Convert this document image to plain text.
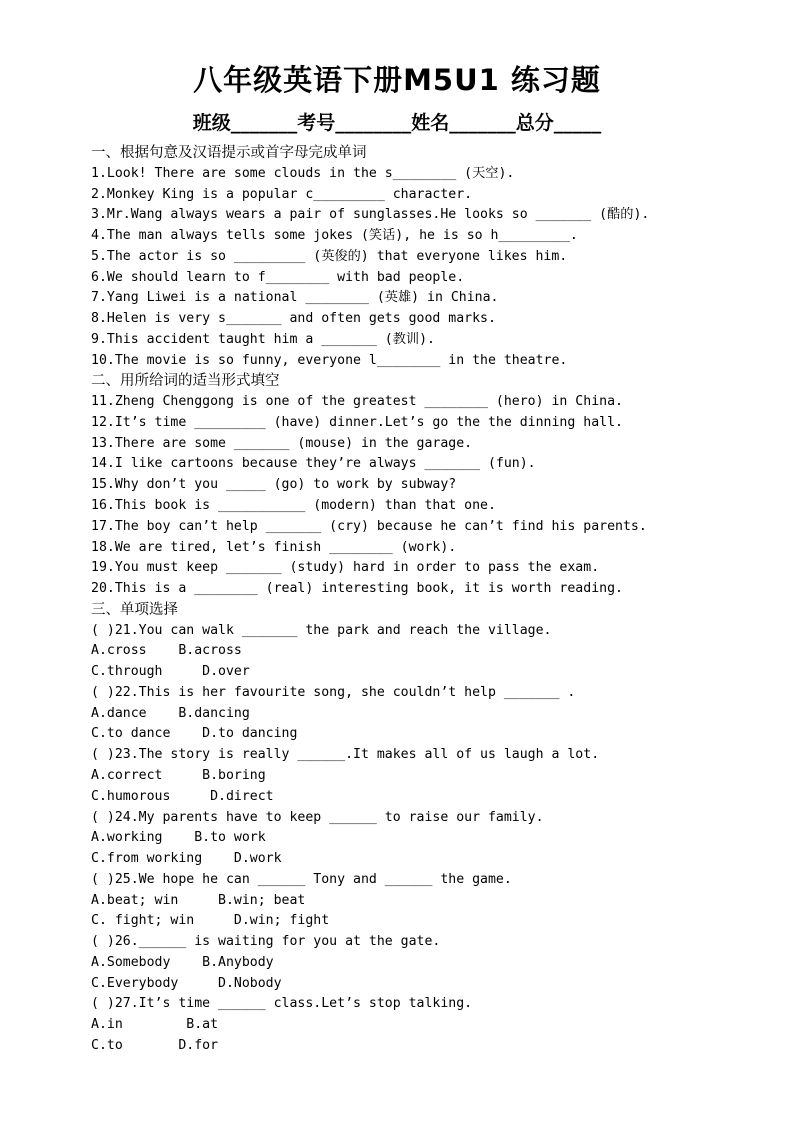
八年级英语下册M5U1 练习题
班级_______考号________姓名_______总分_____
一、根据句意及汉语提示或首字母完成单词
1.Look! There are some clouds in the s________ (天空).
2.Monkey King is a popular c_________ character.
3.Mr.Wang always wears a pair of sunglasses.He looks so _______ (酷的).
4.The man always tells some jokes (笑话), he is so h_________.
5.The actor is so _________ (英俊的) that everyone likes him.
6.We should learn to f________ with bad people.
7.Yang Liwei is a national ________ (英雄) in China.
8.Helen is very s_______ and often gets good marks.
9.This accident taught him a _______ (教训).
10.The movie is so funny, everyone l________ in the theatre.
二、用所给词的适当形式填空
11.Zheng Chenggong is one of the greatest ________ (hero) in China.
12.It’s time _________ (have) dinner.Let’s go the the dinning hall.
13.There are some _______ (mouse) in the garage.
14.I like cartoons because they’re always _______ (fun).
15.Why don’t you _____ (go) to work by subway?
16.This book is ___________ (modern) than that one.
17.The boy can’t help _______ (cry) because he can’t find his parents.
18.We are tired, let’s finish ________ (work).
19.You must keep _______ (study) hard in order to pass the exam.
20.This is a ________ (real) interesting book, it is worth reading.
三、单项选择
( )21.You can walk _______ the park and reach the village.
A.cross    B.across
C.through     D.over
( )22.This is her favourite song, she couldn’t help _______ .
A.dance    B.dancing
C.to dance    D.to dancing
( )23.The story is really ______.It makes all of us laugh a lot.
A.correct     B.boring
C.humorous     D.direct
( )24.My parents have to keep ______ to raise our family.
A.working    B.to work
C.from working    D.work
( )25.We hope he can ______ Tony and ______ the game.
A.beat; win     B.win; beat
C. fight; win     D.win; fight
( )26.______ is waiting for you at the gate.
A.Somebody    B.Anybody
C.Everybody     D.Nobody
( )27.It’s time ______ class.Let’s stop talking.
A.in        B.at
C.to       D.for
